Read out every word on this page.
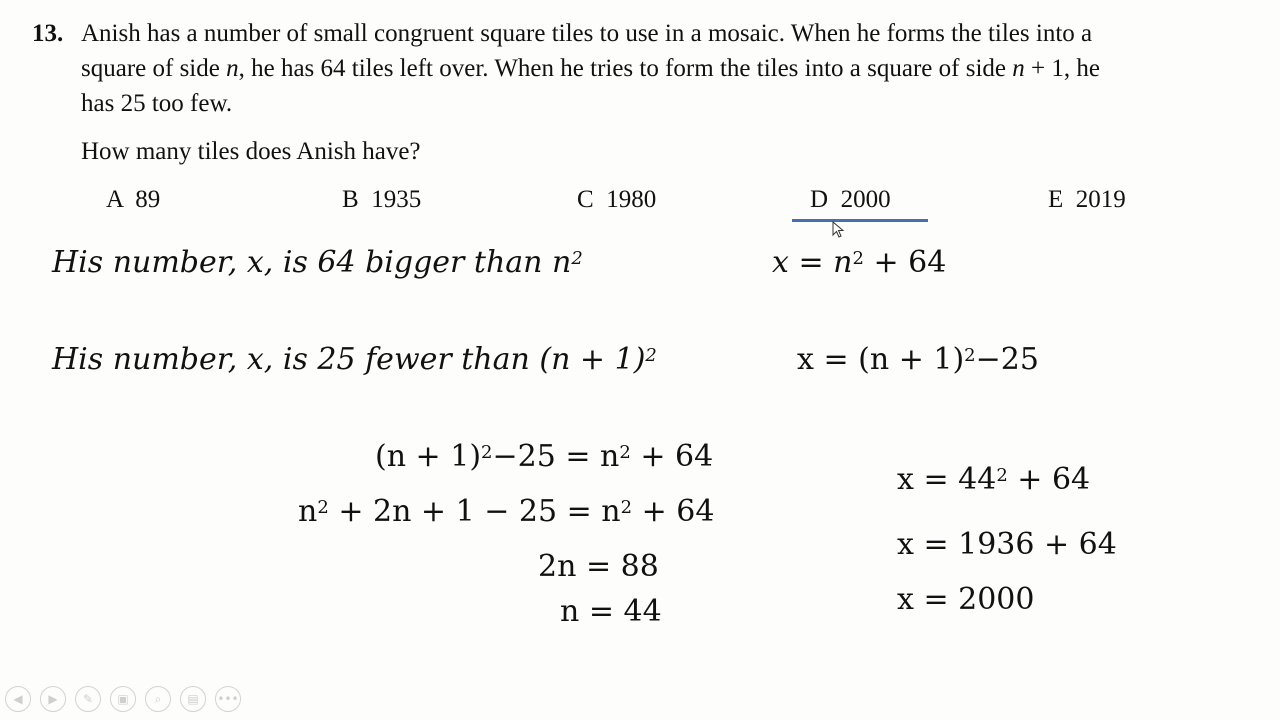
13. Anish has a number of small congruent square tiles to use in a mosaic. When he forms the tiles into a
square of side n, he has 64 tiles left over. When he tries to form the tiles into a square of side n + 1, he
has 25 too few.
How many tiles does Anish have?
A 89	B 1935	C 1980	D 2000	E 2019
His number, x, is 64 bigger than $n^2$	$x = n^2 + 64$
His number, x, is 25 fewer than $(n + 1)^2$	$x = (n + 1)^2-25$
$(n + 1)^2-25 = n^2 + 64$
$n^2 + 2n + 1 - 25 = n^2 + 64$
2n = 88
n = 44
$x = 44^2 + 64$
x = 1936 + 64
x = 2000
◀	▶	✎	▣	⌕	▤	•••
